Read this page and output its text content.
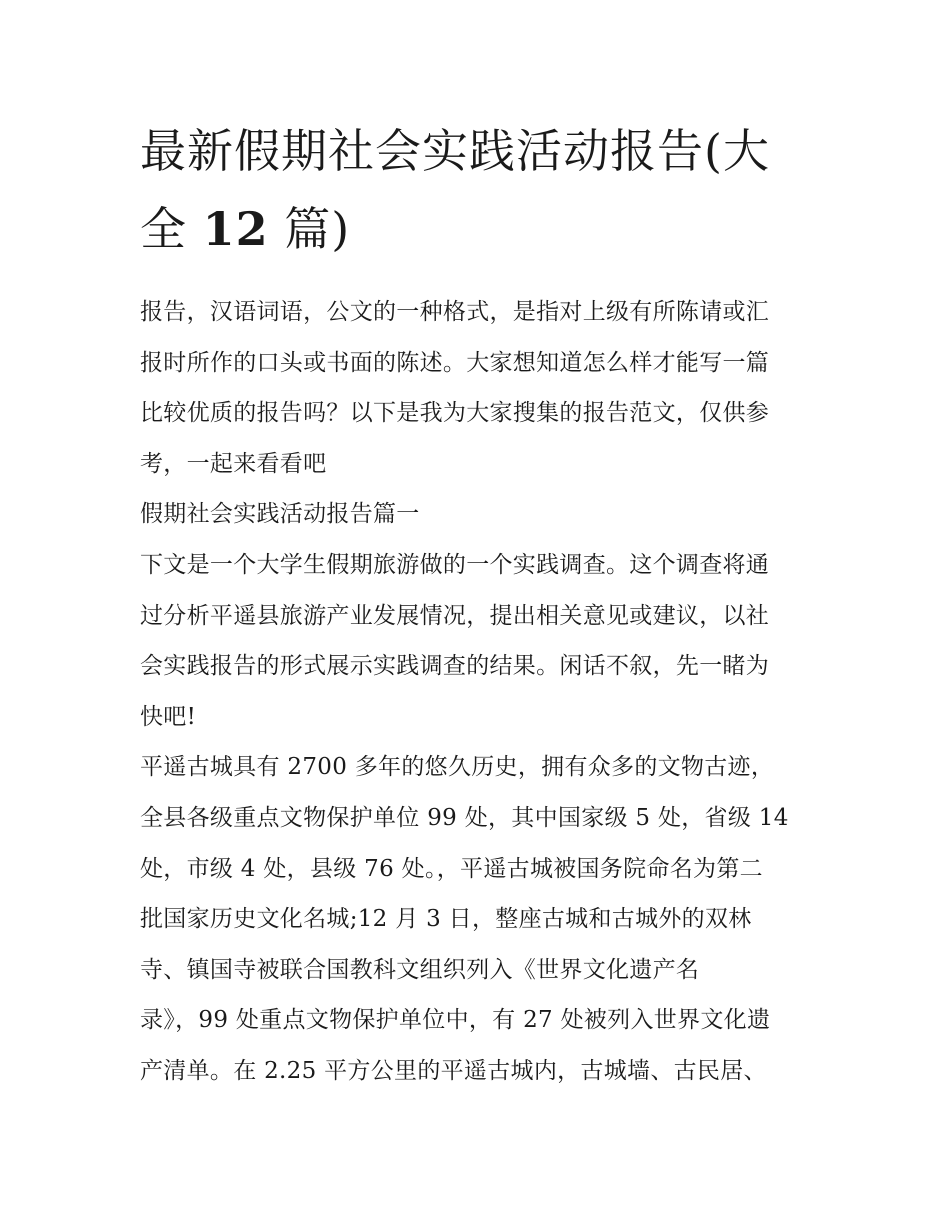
最新假期社会实践活动报告(大
全 12 篇)

报告，汉语词语，公文的一种格式，是指对上级有所陈请或汇

报时所作的口头或书面的陈述。大家想知道怎么样才能写一篇

比较优质的报告吗？以下是我为大家搜集的报告范文，仅供参

考，一起来看看吧

假期社会实践活动报告篇一

下文是一个大学生假期旅游做的一个实践调查。这个调查将通

过分析平遥县旅游产业发展情况，提出相关意见或建议，以社

会实践报告的形式展示实践调查的结果。闲话不叙，先一睹为

快吧!

平遥古城具有 2700 多年的悠久历史，拥有众多的文物古迹，

全县各级重点文物保护单位 99 处，其中国家级 5 处，省级 14

处，市级 4 处，县级 76 处。，平遥古城被国务院命名为第二

批国家历史文化名城;12 月 3 日，整座古城和古城外的双林

寺、镇国寺被联合国教科文组织列入《世界文化遗产名

录》，99 处重点文物保护单位中，有 27 处被列入世界文化遗

产清单。在 2.25 平方公里的平遥古城内，古城墙、古民居、
